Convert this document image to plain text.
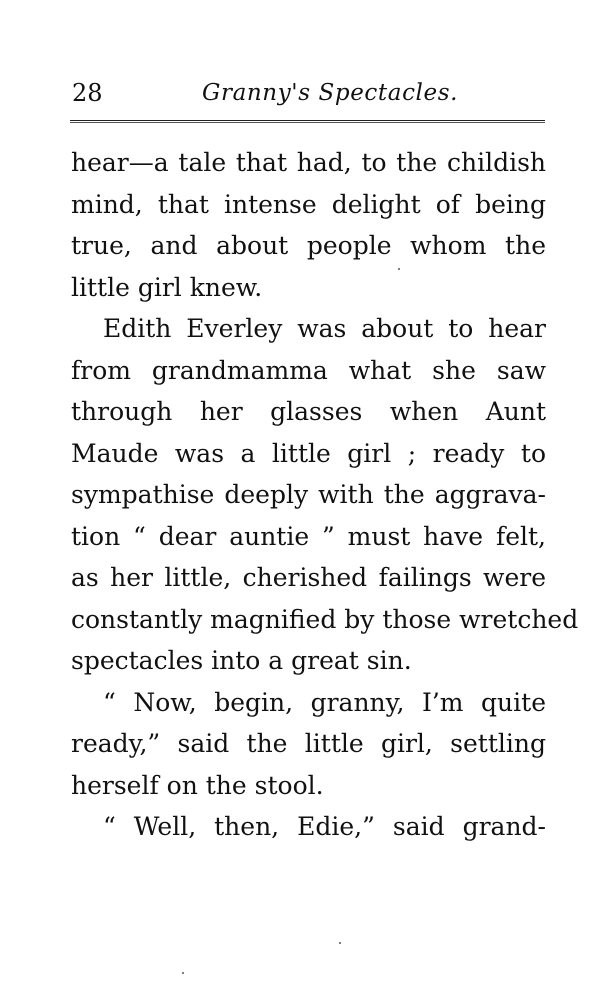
28	Granny's Spectacles.

hear—a tale that had, to the childish
mind, that intense delight of being
true, and about people whom the
little girl knew.

Edith Everley was about to hear
from grandmamma what she saw
through her glasses when Aunt
Maude was a little girl ; ready to
sympathise deeply with the aggrava-
tion “ dear auntie ” must have felt,
as her little, cherished failings were
constantly magnified by those wretched
spectacles into a great sin.

“ Now, begin, granny, I’m quite
ready,” said the little girl, settling
herself on the stool.

“ Well, then, Edie,” said grand-
